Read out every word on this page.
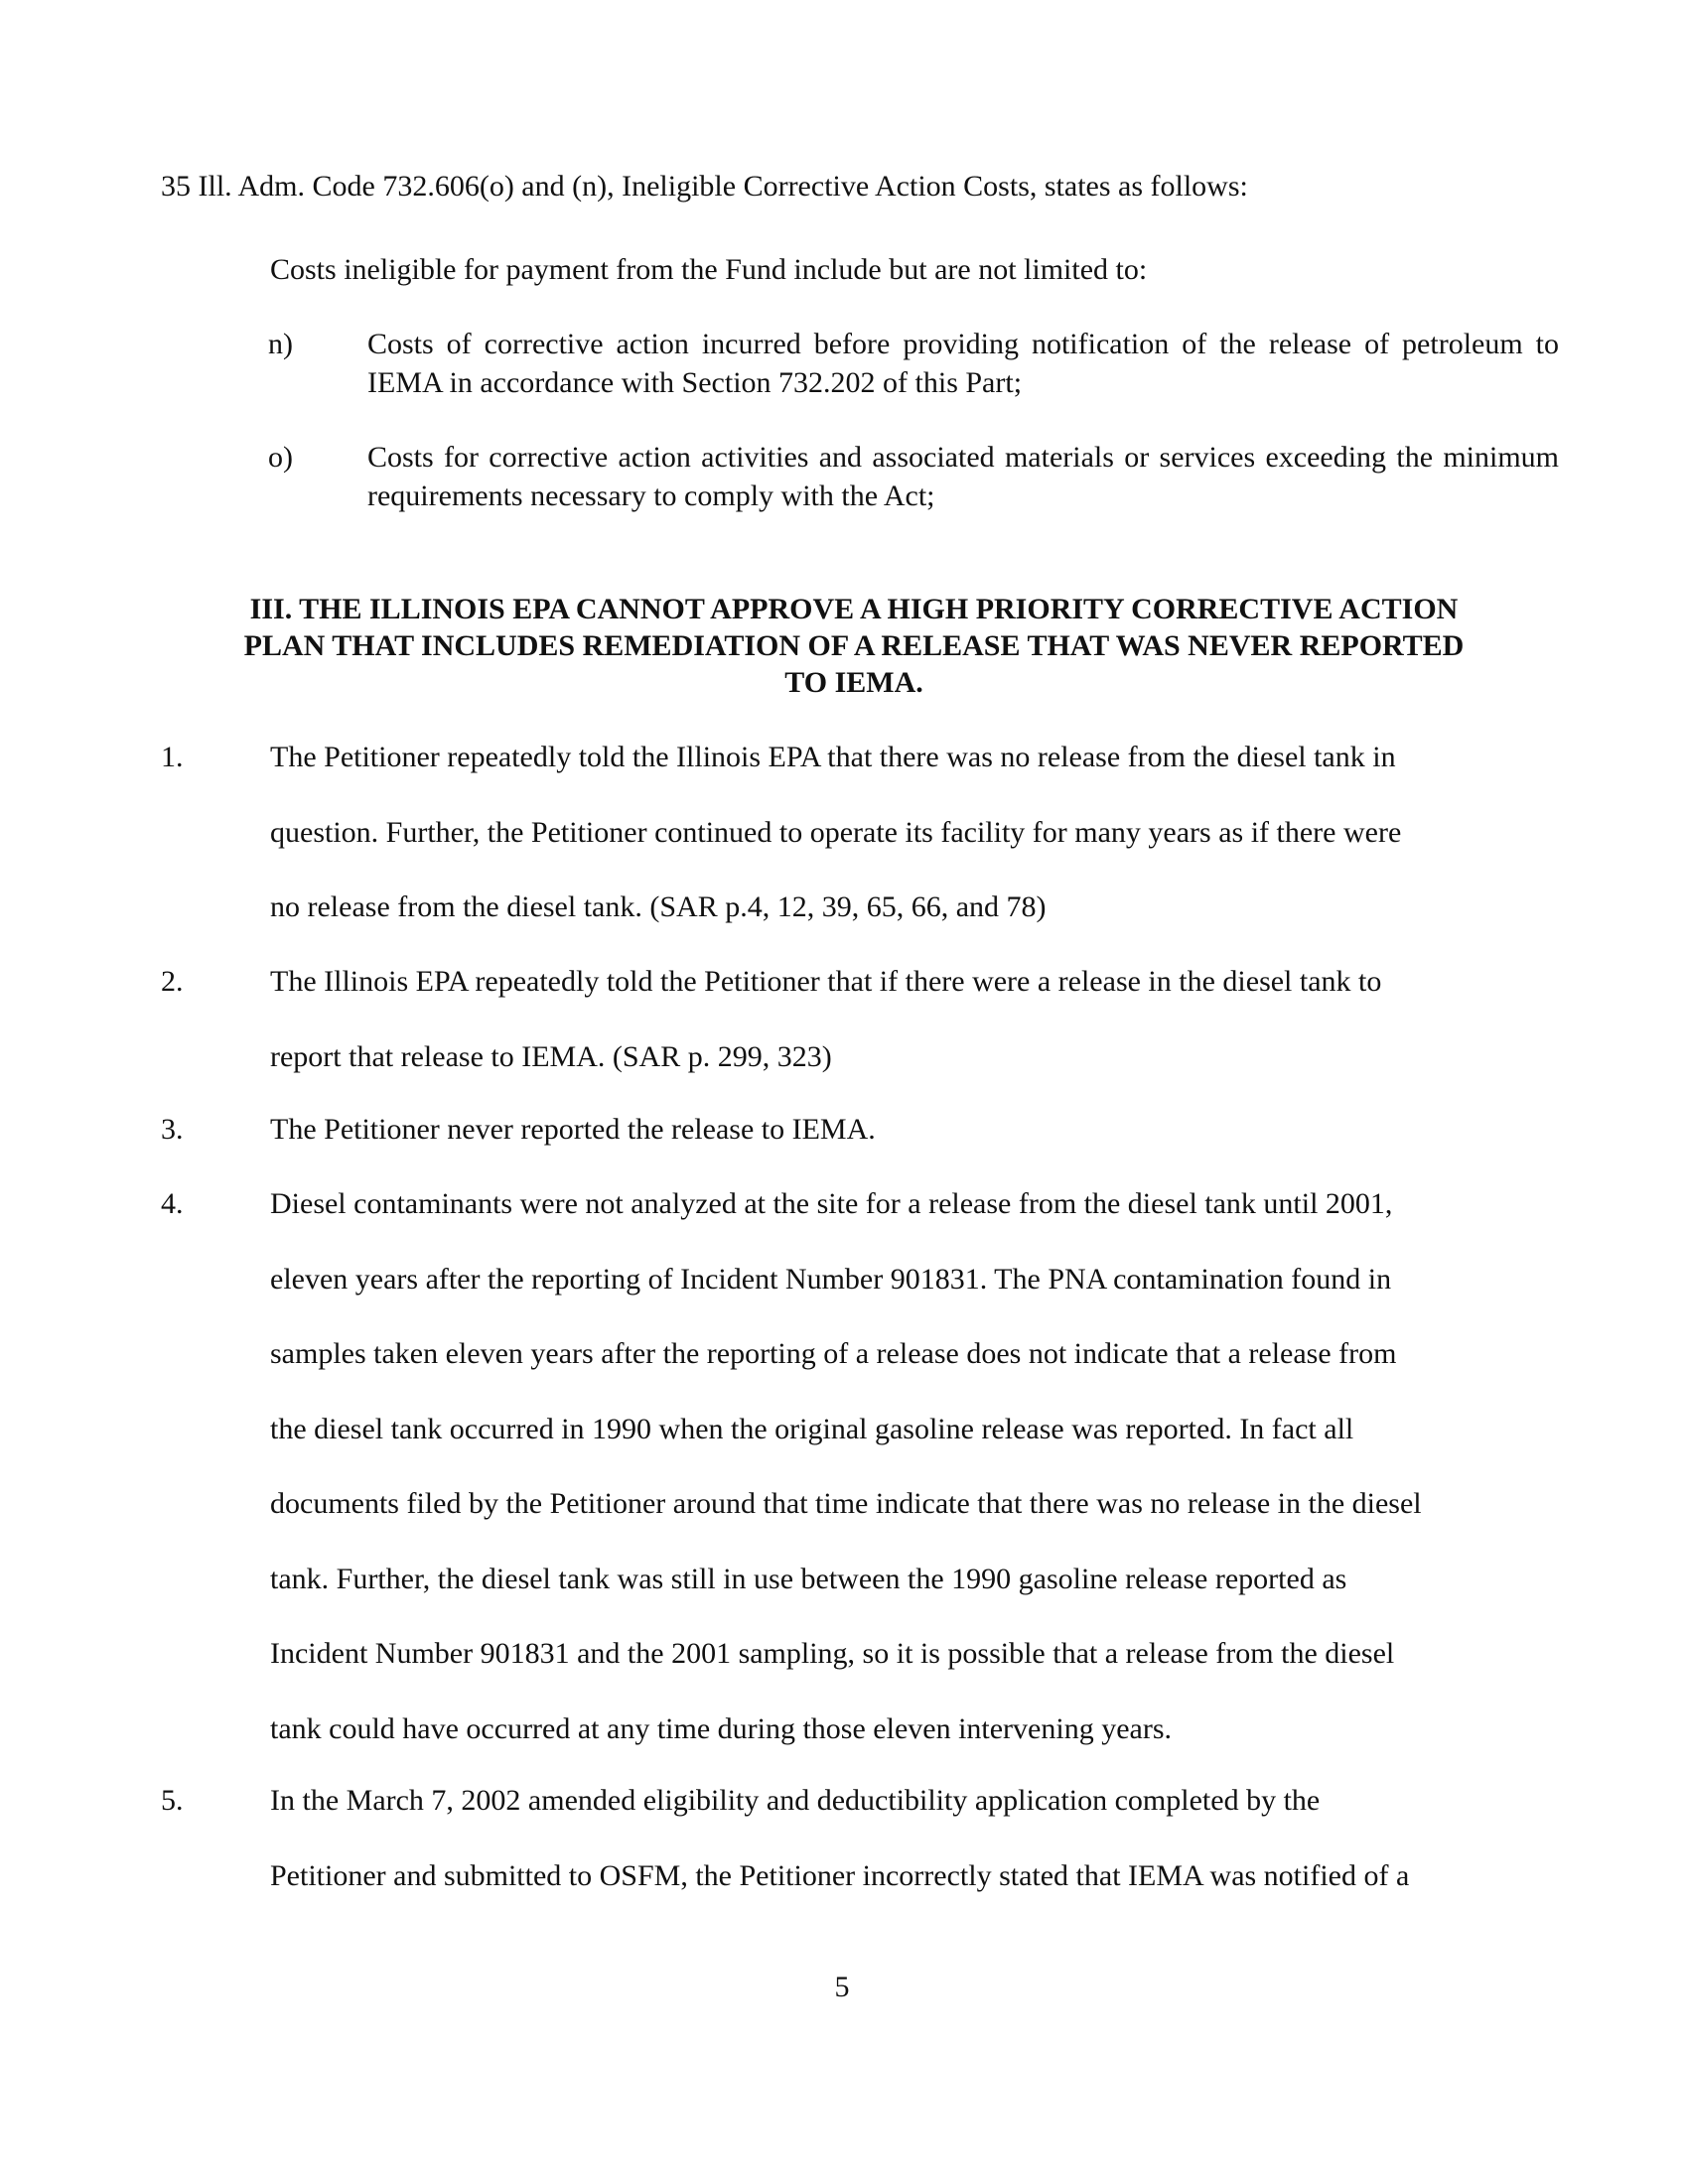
35 Ill. Adm. Code 732.606(o) and (n), Ineligible Corrective Action Costs, states as follows:
Costs ineligible for payment from the Fund include but are not limited to:
n)	Costs of corrective action incurred before providing notification of the release of petroleum to IEMA in accordance with Section 732.202 of this Part;
o)	Costs for corrective action activities and associated materials or services exceeding the minimum requirements necessary to comply with the Act;
III. THE ILLINOIS EPA CANNOT APPROVE A HIGH PRIORITY CORRECTIVE ACTION
PLAN THAT INCLUDES REMEDIATION OF A RELEASE THAT WAS NEVER REPORTED
TO IEMA.
1.	The Petitioner repeatedly told the Illinois EPA that there was no release from the diesel tank in
question. Further, the Petitioner continued to operate its facility for many years as if there were
no release from the diesel tank. (SAR p.4, 12, 39, 65, 66, and 78)
2.	The Illinois EPA repeatedly told the Petitioner that if there were a release in the diesel tank to
report that release to IEMA. (SAR p. 299, 323)
3.	The Petitioner never reported the release to IEMA.
4.	Diesel contaminants were not analyzed at the site for a release from the diesel tank until 2001,
eleven years after the reporting of Incident Number 901831. The PNA contamination found in
samples taken eleven years after the reporting of a release does not indicate that a release from
the diesel tank occurred in 1990 when the original gasoline release was reported. In fact all
documents filed by the Petitioner around that time indicate that there was no release in the diesel
tank. Further, the diesel tank was still in use between the 1990 gasoline release reported as
Incident Number 901831 and the 2001 sampling, so it is possible that a release from the diesel
tank could have occurred at any time during those eleven intervening years.
5.	In the March 7, 2002 amended eligibility and deductibility application completed by the
Petitioner and submitted to OSFM, the Petitioner incorrectly stated that IEMA was notified of a
5
